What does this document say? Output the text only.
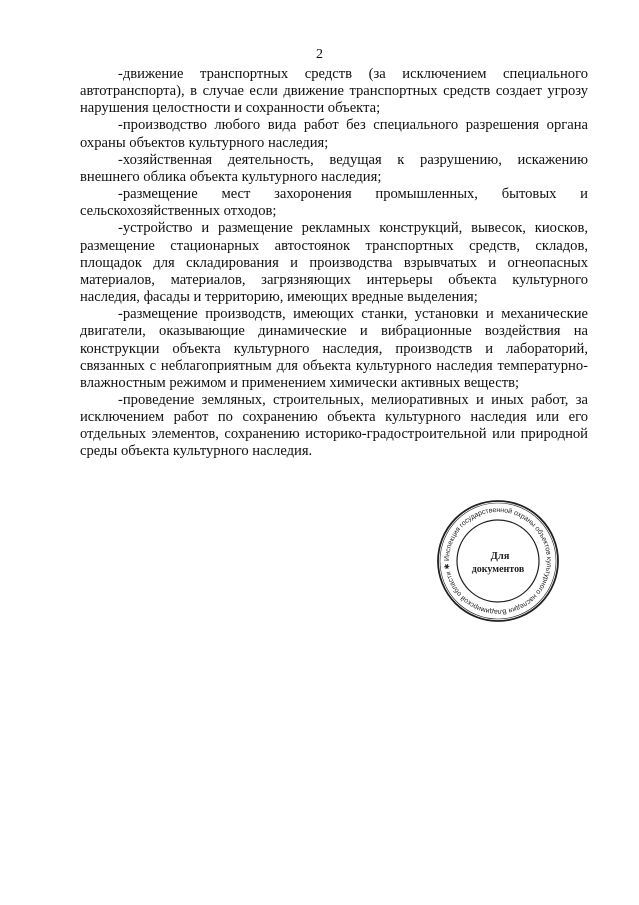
2

-движение транспортных средств (за исключением специального автотранспорта), в случае если движение транспортных средств создает угрозу нарушения целостности и сохранности объекта;

-производство любого вида работ без специального разрешения органа охраны объектов культурного наследия;

-хозяйственная деятельность, ведущая к разрушению, искажению внешнего облика объекта культурного наследия;

-размещение мест захоронения промышленных, бытовых и сельскохозяйственных отходов;

-устройство и размещение рекламных конструкций, вывесок, киосков, размещение стационарных автостоянок транспортных средств, складов, площадок для складирования и производства взрывчатых и огнеопасных материалов, материалов, загрязняющих интерьеры объекта культурного наследия, фасады и территорию, имеющих вредные выделения;

-размещение производств, имеющих станки, установки и механические двигатели, оказывающие динамические и вибрационные воздействия на конструкции объекта культурного наследия, производств и лабораторий, связанных с неблагоприятным для объекта культурного наследия температурно-влажностным режимом и применением химически активных веществ;

-проведение земляных, строительных, мелиоративных и иных работ, за исключением работ по сохранению объекта культурного наследия или его отдельных элементов, сохранению историко-градостроительной или природной среды объекта культурного наследия.

Инспекция государственной охраны объектов культурного наследия Владимирской области ✱
Для
документов
